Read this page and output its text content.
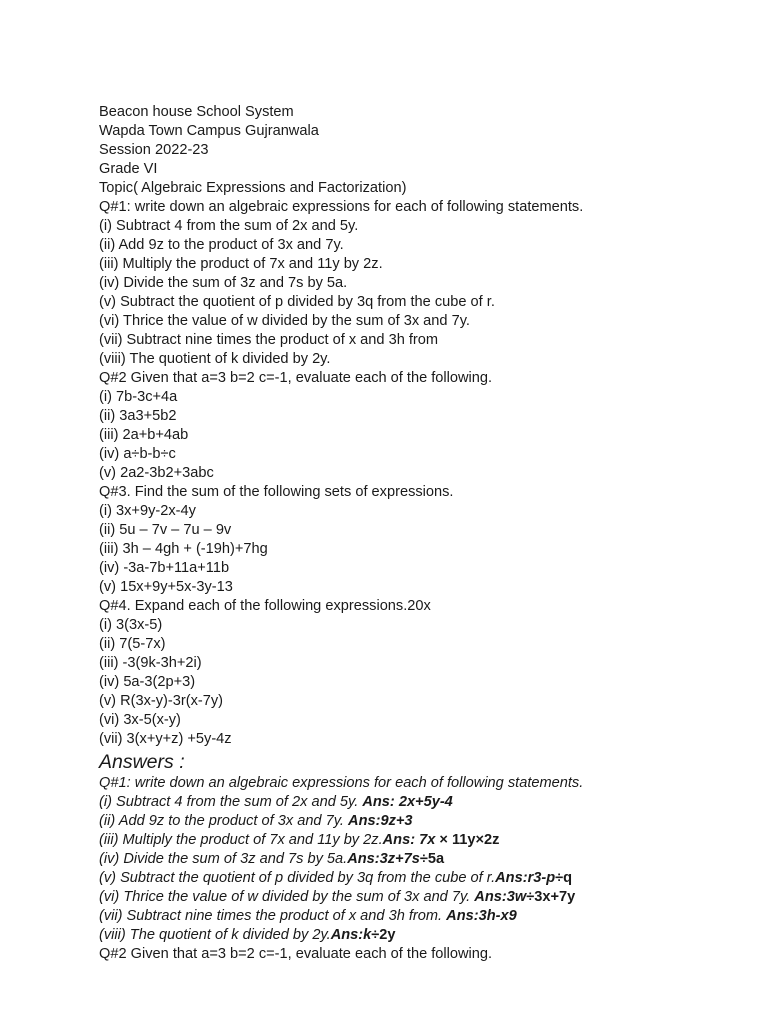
Beacon house School System
Wapda Town Campus Gujranwala
Session 2022-23
Grade VI
Topic( Algebraic Expressions and Factorization)
Q#1: write down an algebraic expressions for each of following statements.
(i) Subtract 4 from the sum of 2x and 5y.
(ii) Add 9z to the product of 3x and 7y.
(iii) Multiply the product of 7x and 11y by 2z.
(iv) Divide the sum of 3z and 7s by 5a.
(v) Subtract the quotient of p divided by 3q from the cube of r.
(vi) Thrice the value of w divided by the sum of 3x and 7y.
(vii) Subtract nine times the product of x and 3h from
(viii) The quotient of k divided by 2y.
Q#2 Given that a=3 b=2 c=-1, evaluate each of the following.
(i) 7b-3c+4a
(ii) 3a3+5b2
(iii) 2a+b+4ab
(iv) a÷b-b÷c
(v) 2a2-3b2+3abc
Q#3. Find the sum of the following sets of expressions.
(i) 3x+9y-2x-4y
(ii) 5u – 7v – 7u – 9v
(iii) 3h – 4gh + (-19h)+7hg
(iv) -3a-7b+11a+11b
(v) 15x+9y+5x-3y-13
Q#4. Expand each of the following expressions.20x
(i) 3(3x-5)
(ii) 7(5-7x)
(iii) -3(9k-3h+2i)
(iv) 5a-3(2p+3)
(v) R(3x-y)-3r(x-7y)
(vi) 3x-5(x-y)
(vii) 3(x+y+z) +5y-4z
Answers :
Q#1: write down an algebraic expressions for each of following statements.
(i) Subtract 4 from the sum of 2x and 5y. Ans: 2x+5y-4
(ii) Add 9z to the product of 3x and 7y. Ans:9z+3
(iii) Multiply the product of 7x and 11y by 2z.Ans: 7x × 11y×2z
(iv) Divide the sum of 3z and 7s by 5a.Ans:3z+7s÷5a
(v) Subtract the quotient of p divided by 3q from the cube of r.Ans:r3-p÷q
(vi) Thrice the value of w divided by the sum of 3x and 7y. Ans:3w÷3x+7y
(vii) Subtract nine times the product of x and 3h from. Ans:3h-x9
(viii) The quotient of k divided by 2y.Ans:k÷2y
Q#2 Given that a=3 b=2 c=-1, evaluate each of the following.
